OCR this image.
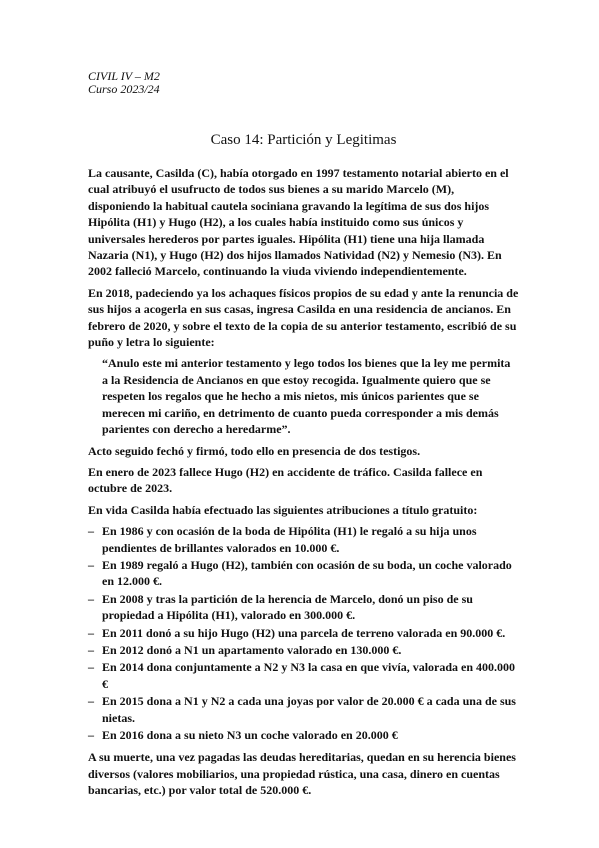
CIVIL IV – M2
Curso 2023/24
Caso 14: Partición y Legitimas

La causante, Casilda (C), había otorgado en 1997 testamento notarial abierto en el cual atribuyó el usufructo de todos sus bienes a su marido Marcelo (M), disponiendo la habitual cautela sociniana gravando la legítima de sus dos hijos Hipólita (H1) y Hugo (H2), a los cuales había instituido como sus únicos y universales herederos por partes iguales. Hipólita (H1) tiene una hija llamada Nazaria (N1), y Hugo (H2) dos hijos llamados Natividad (N2) y Nemesio (N3). En 2002 falleció Marcelo, continuando la viuda viviendo independientemente.

En 2018, padeciendo ya los achaques físicos propios de su edad y ante la renuncia de sus hijos a acogerla en sus casas, ingresa Casilda en una residencia de ancianos. En febrero de 2020, y sobre el texto de la copia de su anterior testamento, escribió de su puño y letra lo siguiente:

“Anulo este mi anterior testamento y lego todos los bienes que la ley me permita a la Residencia de Ancianos en que estoy recogida. Igualmente quiero que se respeten los regalos que he hecho a mis nietos, mis únicos parientes que se merecen mi cariño, en detrimento de cuanto pueda corresponder a mis demás parientes con derecho a heredarme”.

Acto seguido fechó y firmó, todo ello en presencia de dos testigos.

En enero de 2023 fallece Hugo (H2) en accidente de tráfico. Casilda fallece en octubre de 2023.

En vida Casilda había efectuado las siguientes atribuciones a título gratuito:

– En 1986 y con ocasión de la boda de Hipólita (H1) le regaló a su hija unos pendientes de brillantes valorados en 10.000 €.
– En 1989 regaló a Hugo (H2), también con ocasión de su boda, un coche valorado en 12.000 €.
– En 2008 y tras la partición de la herencia de Marcelo, donó un piso de su propiedad a Hipólita (H1), valorado en 300.000 €.
– En 2011 donó a su hijo Hugo (H2) una parcela de terreno valorada en 90.000 €.
– En 2012 donó a N1 un apartamento valorado en 130.000 €.
– En 2014 dona conjuntamente a N2 y N3 la casa en que vivía, valorada en 400.000 €
– En 2015 dona a N1 y N2 a cada una joyas por valor de 20.000 € a cada una de sus nietas.
– En 2016 dona a su nieto N3 un coche valorado en 20.000 €

A su muerte, una vez pagadas las deudas hereditarias, quedan en su herencia bienes diversos (valores mobiliarios, una propiedad rústica, una casa, dinero en cuentas bancarias, etc.) por valor total de 520.000 €.
